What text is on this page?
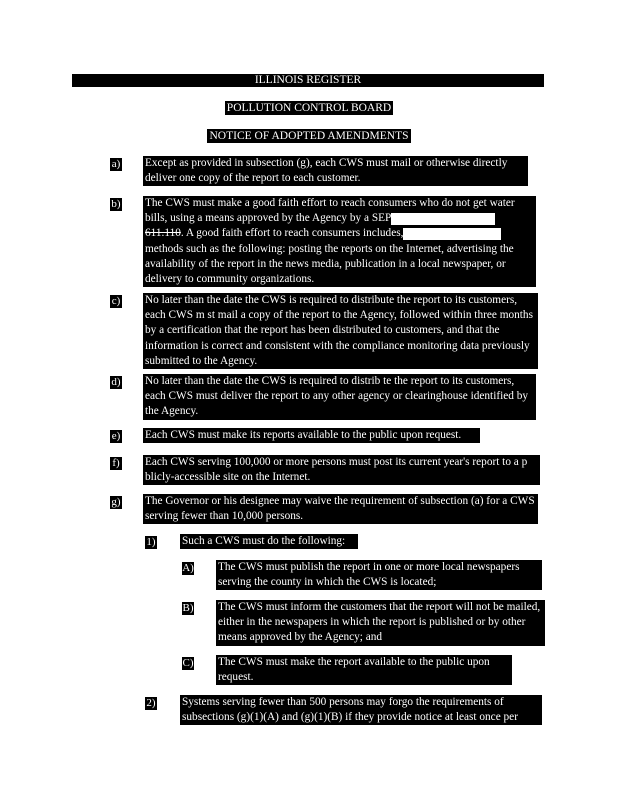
ILLINOIS REGISTER
POLLUTION CONTROL BOARD
NOTICE OF ADOPTED AMENDMENTS
a) Except as provided in subsection (g), each CWS must mail or otherwise directly deliver one copy of the report to each customer.
b) The CWS must make a good faith effort to reach consumers who do not get water bills, using a means approved by the Agency by a SEP 611.110. A good faith effort to reach consumers includes, methods such as the following: posting the reports on the Internet, advertising the availability of the report in the news media, publication in a local newspaper, or delivery to community organizations.
c) No later than the date the CWS is required to distribute the report to its customers, each CWS m st mail a copy of the report to the Agency, followed within three months by a certification that the report has been distributed to customers, and that the information is correct and consistent with the compliance monitoring data previously submitted to the Agency.
d) No later than the date the CWS is required to distrib te the report to its customers, each CWS must deliver the report to any other agency or clearinghouse identified by the Agency.
e) Each CWS must make its reports available to the public upon request.
f) Each CWS serving 100,000 or more persons must post its current year's report to a p blicly-accessible site on the Internet.
g) The Governor or his designee may waive the requirement of subsection (a) for a CWS serving fewer than 10,000 persons.
1) Such a CWS must do the following:
A) The CWS must publish the report in one or more local newspapers serving the county in which the CWS is located;
B) The CWS must inform the customers that the report will not be mailed, either in the newspapers in which the report is published or by other means approved by the Agency; and
C) The CWS must make the report available to the public upon request.
2) Systems serving fewer than 500 persons may forgo the requirements of subsections (g)(1)(A) and (g)(1)(B) if they provide notice at least once per
